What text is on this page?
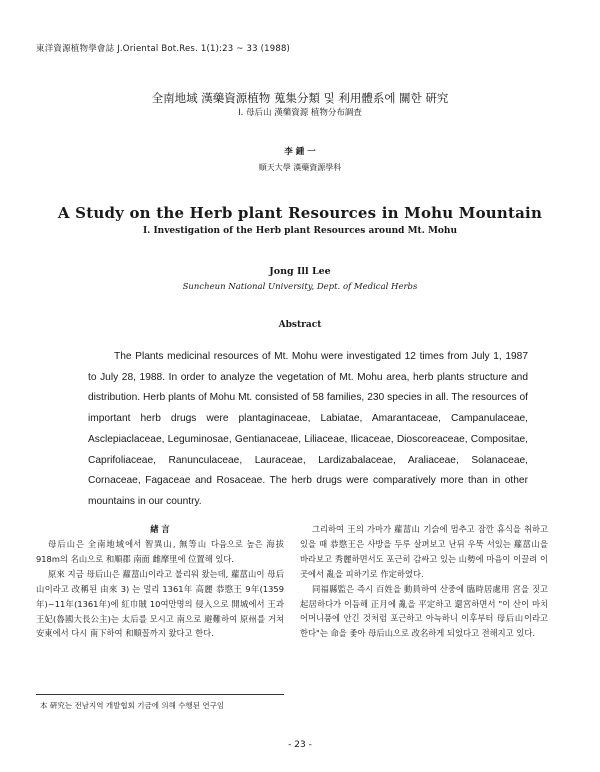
東洋資源植物學會誌 J.Oriental Bot.Res. 1(1):23 ~ 33 (1988)
全南地域 漢藥資源植物 蒐集分類 및 利用體系에 關한 硏究
Ⅰ. 母后山 漢藥資源 植物分布調査
李 鍾 一
順天大學 漢藥資源學科
A Study on the Herb plant Resources in Mohu Mountain
Ⅰ. Investigation of the Herb plant Resources around Mt. Mohu
Jong Ill Lee
Suncheun National University, Dept. of Medical Herbs
Abstract

The Plants medicinal resources of Mt. Mohu were investigated 12 times from July 1, 1987 to July 28, 1988. In order to analyze the vegetation of Mt. Mohu area, herb plants structure and distribution. Herb plants of Mohu Mt. consisted of 58 families, 230 species in all. The resources of important herb drugs were plantaginaceae, Labiatae, Amarantaceae, Campanulaceae, Asclepiaclaceae, Leguminosae, Gentianaceae, Liliaceae, Ilicaceae, Dioscoreaceae, Compositae, Caprifoliaceae, Ranunculaceae, Lauraceae, Lardizabalaceae, Araliaceae, Solanaceae, Cornaceae, Fagaceae and Rosaceae. The herb drugs were comparatively more than in other mountains in our country.

緖 言

母后山은 全南地域에서 智異山, 無等山 다음으로 높은 海拔 918m의 名山으로 和順郡 南面 雌摩里에 位置해 있다.

原來 지금 母后山은 蘿葍山이라고 불리워 왔는데, 蘿葍山이 母后山이라고 改稱된 由來 3) 는 멀리 1361年 高麗 恭愍王 9年(1359年)~11年(1361年)에 紅巾賊 10여만명의 侵入으로 開城에서 王과 王妃(魯國大長公主)는 太后를 모시고 南으로 避難하여 原州를 거쳐 安東에서 다시 南下하여 和順꼴까지 왔다고 한다.

그리하여 王의 가마가 蘿葍山 기슭에 멈추고 잠깐 휴식을 취하고 있을 때 恭愍王은 사방을 두루 살펴보고 난뒤 우뚝 서있는 蘿葍山을 바라보고 秀麗하면서도 포근히 감싸고 있는 山勢에 마음이 이끌려 이곳에서 亂을 피하기로 作定하였다.

同福縣監은 즉시 百姓을 動員하여 산중에 臨時居處用 宮을 짓고 起居하다가 이듬해 正月에 亂을 平定하고 還宮하면서 "이 산이 마치 어머니품에 안긴 것처럼 포근하고 아늑하니 이후부터 母后山이라고 한다"는 命을 좇아 母后山으로 改名하게 되었다고 전해지고 있다.

本 硏究는 전남지역 개발협회 기금에 의해 수행된 연구임
- 23 -
